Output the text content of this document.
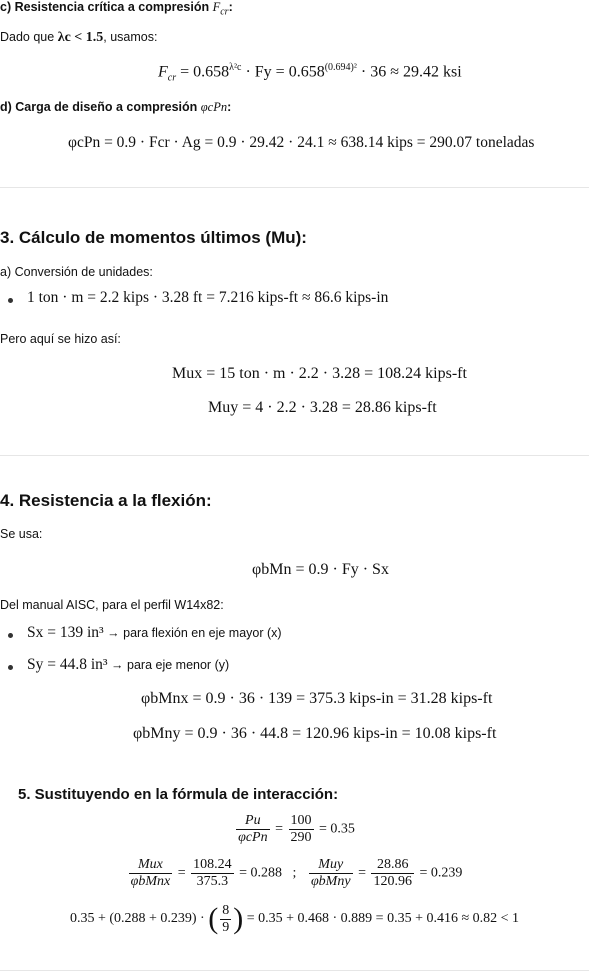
c) Resistencia crítica a compresión $F_{cr}$:
Dado que λc < 1.5, usamos:
$F_{cr} = 0.658^{\lambda^2c} \cdot Fy = 0.658^{(0.694)^2} \cdot 36 \approx 29.42$ ksi
d) Carga de diseño a compresión φcPn:
φcPn = 0.9 · Fcr · Ag = 0.9 · 29.42 · 24.1 ≈ 638.14 kips = 290.07 toneladas
3. Cálculo de momentos últimos (Mu):
a) Conversión de unidades:
1 ton · m = 2.2 kips · 3.28 ft = 7.216 kips-ft ≈ 86.6 kips-in
Pero aquí se hizo así:
Mux = 15 ton · m · 2.2 · 3.28 = 108.24 kips-ft
Muy = 4 · 2.2 · 3.28 = 28.86 kips-ft
4. Resistencia a la flexión:
Se usa:
φbMn = 0.9 · Fy · Sx
Del manual AISC, para el perfil W14x82:
Sx = 139 in³ → para flexión en eje mayor (x)
Sy = 44.8 in³ → para eje menor (y)
φbMnx = 0.9 · 36 · 139 = 375.3 kips-in = 31.28 kips-ft
φbMny = 0.9 · 36 · 44.8 = 120.96 kips-in = 10.08 kips-ft
5. Sustituyendo en la fórmula de interacción:
$\frac{Pu}{\text{φcPn}} = \frac{100}{290} = 0.35$
$\frac{\text{Mux}}{\text{φbMnx}} = \frac{108.24}{375.3} = 0.288$ ; $\frac{\text{Muy}}{\text{φbMny}} = \frac{28.86}{120.96} = 0.239$
0.35 + (0.288 + 0.239) · ( $\frac{8}{9}$ ) = 0.35 + 0.468 · 0.889 = 0.35 + 0.416 ≈ 0.82 < 1
